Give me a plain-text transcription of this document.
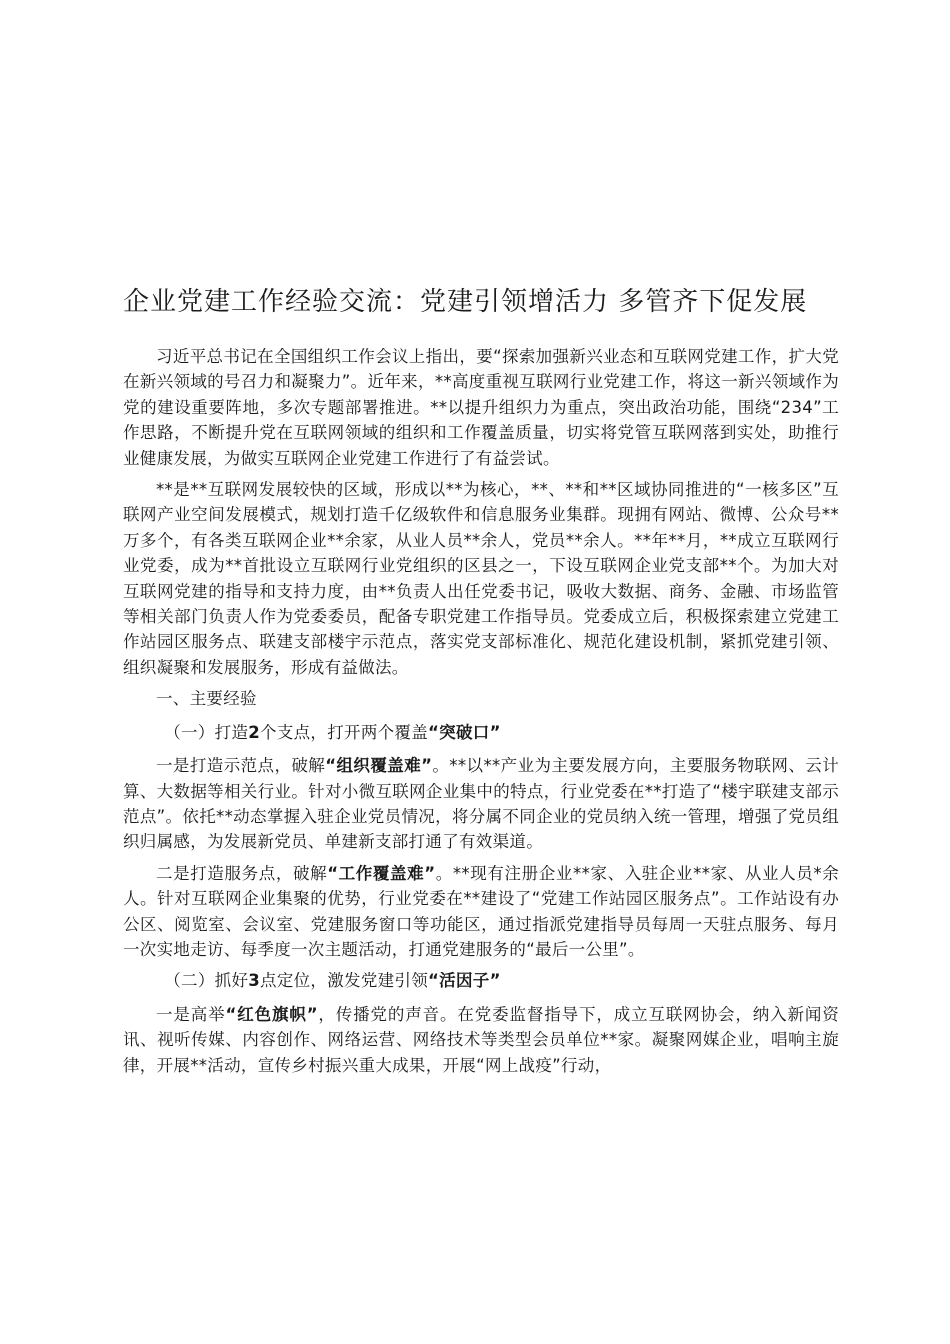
企业党建工作经验交流：党建引领增活力 多管齐下促发展

习近平总书记在全国组织工作会议上指出，要“探索加强新兴业态和互联网党建工作，扩大党在新兴领域的号召力和凝聚力”。近年来，**高度重视互联网行业党建工作，将这一新兴领域作为党的建设重要阵地，多次专题部署推进。**以提升组织力为重点，突出政治功能，围绕“234”工作思路，不断提升党在互联网领域的组织和工作覆盖质量，切实将党管互联网落到实处，助推行业健康发展，为做实互联网企业党建工作进行了有益尝试。

**是**互联网发展较快的区域，形成以**为核心，**、**和**区域协同推进的“一核多区”互联网产业空间发展模式，规划打造千亿级软件和信息服务业集群。现拥有网站、微博、公众号**万多个，有各类互联网企业**余家，从业人员**余人，党员**余人。**年**月，**成立互联网行业党委，成为**首批设立互联网行业党组织的区县之一，下设互联网企业党支部**个。为加大对互联网党建的指导和支持力度，由**负责人出任党委书记，吸收大数据、商务、金融、市场监管等相关部门负责人作为党委委员，配备专职党建工作指导员。党委成立后，积极探索建立党建工作站园区服务点、联建支部楼宇示范点，落实党支部标准化、规范化建设机制，紧抓党建引领、组织凝聚和发展服务，形成有益做法。

一、主要经验

（一）打造2个支点，打开两个覆盖“突破口”

一是打造示范点，破解“组织覆盖难”。**以**产业为主要发展方向，主要服务物联网、云计算、大数据等相关行业。针对小微互联网企业集中的特点，行业党委在**打造了“楼宇联建支部示范点”。依托**动态掌握入驻企业党员情况，将分属不同企业的党员纳入统一管理，增强了党员组织归属感，为发展新党员、单建新支部打通了有效渠道。

二是打造服务点，破解“工作覆盖难”。**现有注册企业**家、入驻企业**家、从业人员*余人。针对互联网企业集聚的优势，行业党委在**建设了“党建工作站园区服务点”。工作站设有办公区、阅览室、会议室、党建服务窗口等功能区，通过指派党建指导员每周一天驻点服务、每月一次实地走访、每季度一次主题活动，打通党建服务的“最后一公里”。

（二）抓好3点定位，激发党建引领“活因子”

一是高举“红色旗帜”，传播党的声音。在党委监督指导下，成立互联网协会，纳入新闻资讯、视听传媒、内容创作、网络运营、网络技术等类型会员单位**家。凝聚网媒企业，唱响主旋律，开展**活动，宣传乡村振兴重大成果，开展“网上战疫”行动，
